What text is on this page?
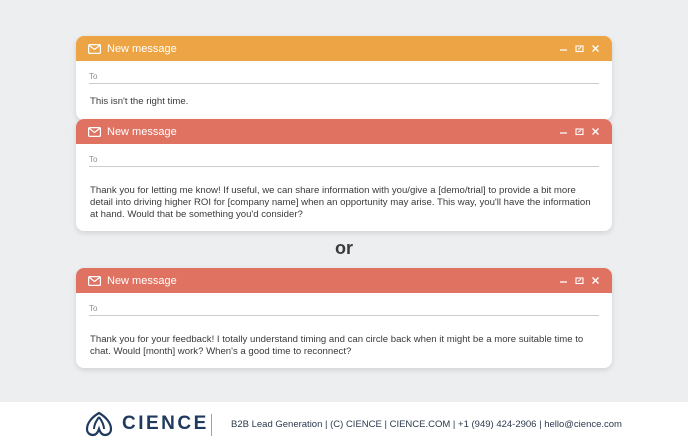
New message
To
This isn't the right time.
New message
To
Thank you for letting me know! If useful, we can share information with you/give a [demo/trial] to provide a bit more detail into driving higher ROI for [company name] when an opportunity may arise. This way, you'll have the information at hand. Would that be something you'd consider?
or
New message
To
Thank you for your feedback! I totally understand timing and can circle back when it might be a more suitable time to chat. Would [month] work? When's a good time to reconnect?
CIENCE B2B Lead Generation | (C) CIENCE | CIENCE.COM | +1 (949) 424-2906 | hello@cience.com
